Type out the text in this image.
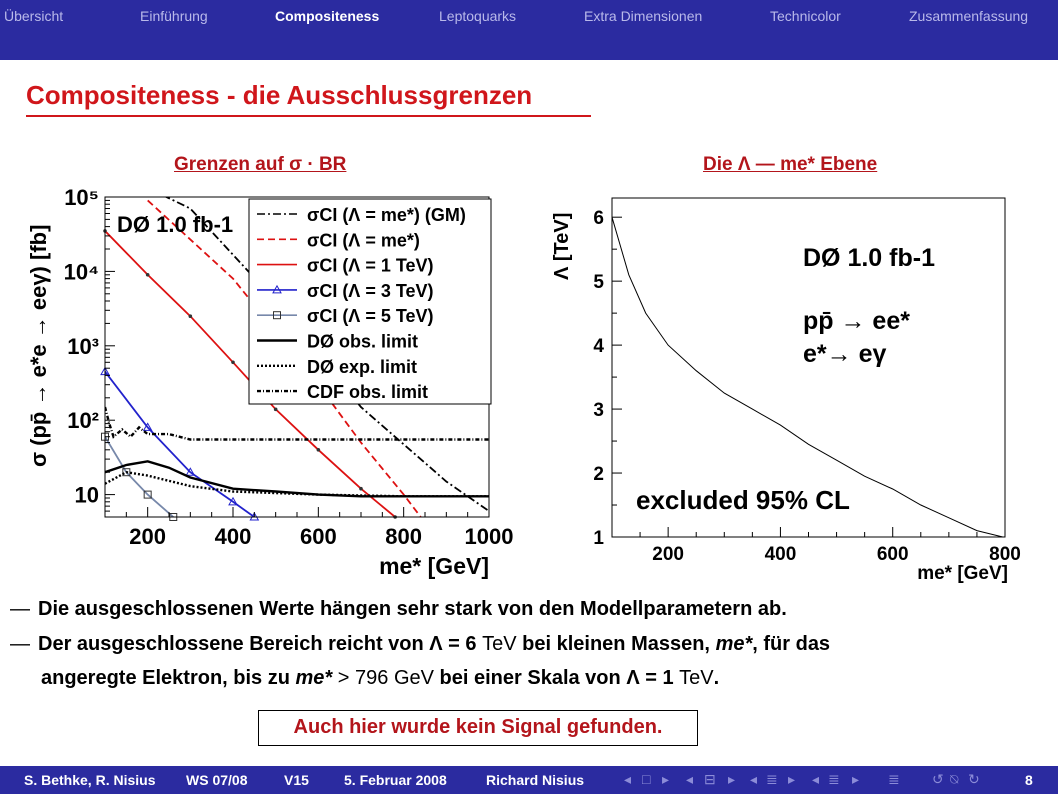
Übersicht	Einführung	Compositeness	Leptoquarks	Extra Dimensionen	Technicolor	Zusammenfassung
Compositeness - die Ausschlussgrenzen
Grenzen auf σ · BR
200 400 600 800 1000
10
10²
10³
10⁴
10⁵
me* [GeV]
σ (pp̄ → e*e → eeγ) [fb]
DØ 1.0 fb-1	σCI (Λ = me*) (GM)
σCI (Λ = me*)
σCI (Λ = 1 TeV)
σCI (Λ = 3 TeV)
σCI (Λ = 5 TeV)
DØ obs. limit
DØ exp. limit
CDF obs. limit
Die Λ — me* Ebene
200	400	600	800
1
2
3
4
5
6
me* [GeV]
Λ [TeV]	DØ 1.0 fb-1
pp̄ → ee*
e*→ eγ
excluded 95% CL
— Die ausgeschlossenen Werte hängen sehr stark von den Modellparametern ab.
— Der ausgeschlossene Bereich reicht von Λ = 6 TeV bei kleinen Massen, me*, für das
angeregte Elektron, bis zu me* > 796 GeV bei einer Skala von Λ = 1 TeV.
Auch hier wurde kein Signal gefunden.
S. Bethke, R. Nisius WS 07/08	V15	5. Februar 2008	Richard Nisius	◂ □ ▸ ◂ ⊟ ▸ ◂ ≣ ▸ ◂ ≣ ▸ ≣ ↺ ⍉ ↻	8
